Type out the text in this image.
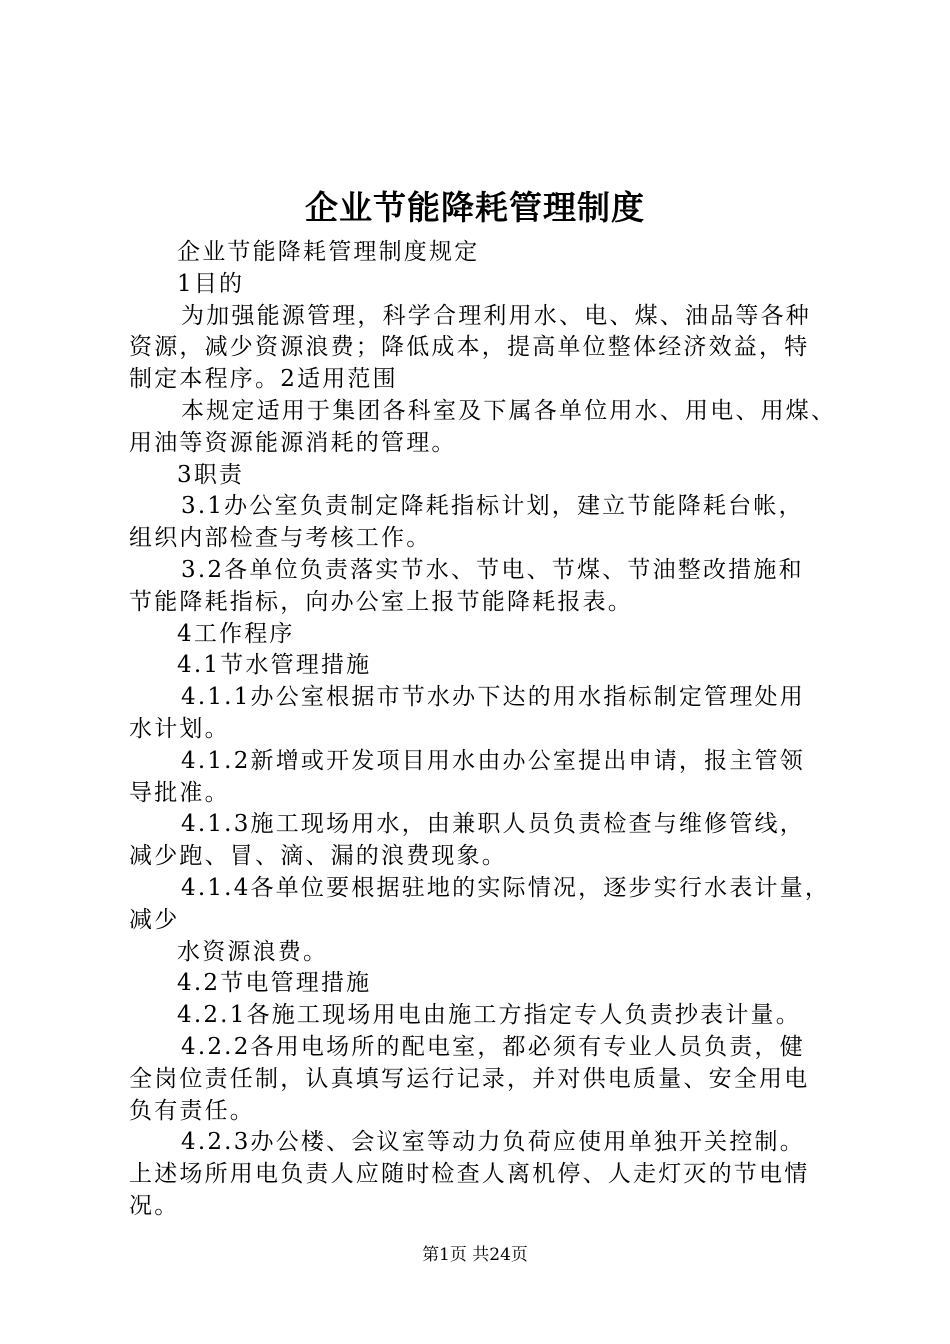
企业节能降耗管理制度
企业节能降耗管理制度规定
1目的
为加强能源管理，科学合理利用水、电、煤、油品等各种
资源，减少资源浪费；降低成本，提高单位整体经济效益，特
制定本程序。2适用范围
本规定适用于集团各科室及下属各单位用水、用电、用煤、
用油等资源能源消耗的管理。
3职责
3.1办公室负责制定降耗指标计划，建立节能降耗台帐，
组织内部检查与考核工作。
3.2各单位负责落实节水、节电、节煤、节油整改措施和
节能降耗指标，向办公室上报节能降耗报表。
4工作程序
4.1节水管理措施
4.1.1办公室根据市节水办下达的用水指标制定管理处用
水计划。
4.1.2新增或开发项目用水由办公室提出申请，报主管领
导批准。
4.1.3施工现场用水，由兼职人员负责检查与维修管线，
减少跑、冒、滴、漏的浪费现象。
4.1.4各单位要根据驻地的实际情况，逐步实行水表计量，
减少
水资源浪费。
4.2节电管理措施
4.2.1各施工现场用电由施工方指定专人负责抄表计量。
4.2.2各用电场所的配电室，都必须有专业人员负责，健
全岗位责任制，认真填写运行记录，并对供电质量、安全用电
负有责任。
4.2.3办公楼、会议室等动力负荷应使用单独开关控制。
上述场所用电负责人应随时检查人离机停、人走灯灭的节电情
况。
第1页 共24页
